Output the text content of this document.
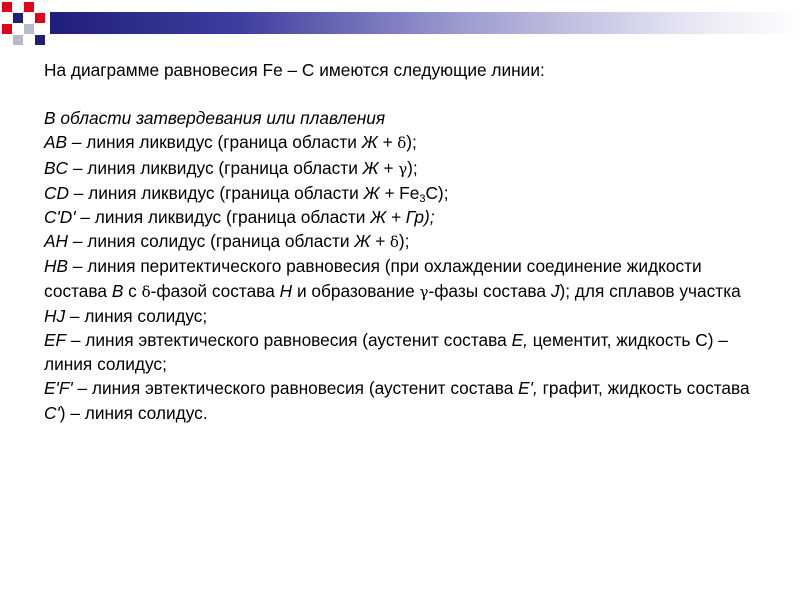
На диаграмме равновесия Fe – C имеются следующие линии:

В области затвердевания или плавления

AB – линия ликвидус (граница области Ж + δ);

BC – линия ликвидус (граница области Ж + γ);

CD – линия ликвидус (граница области $Ж + Fe_3C$);

C'D' – линия ликвидус (граница области Ж + Гр);

AH – линия солидус (граница области Ж + δ);

HB – линия перитектического равновесия (при охлаждении соединение жидкости состава B с δ-фазой состава H и образование γ-фазы состава J); для сплавов участка HJ – линия солидус;

EF – линия эвтектического равновесия (аустенит состава E, цементит, жидкость С) – линия солидус;

E'F' – линия эвтектического равновесия (аустенит состава E', графит, жидкость состава C') – линия солидус.
